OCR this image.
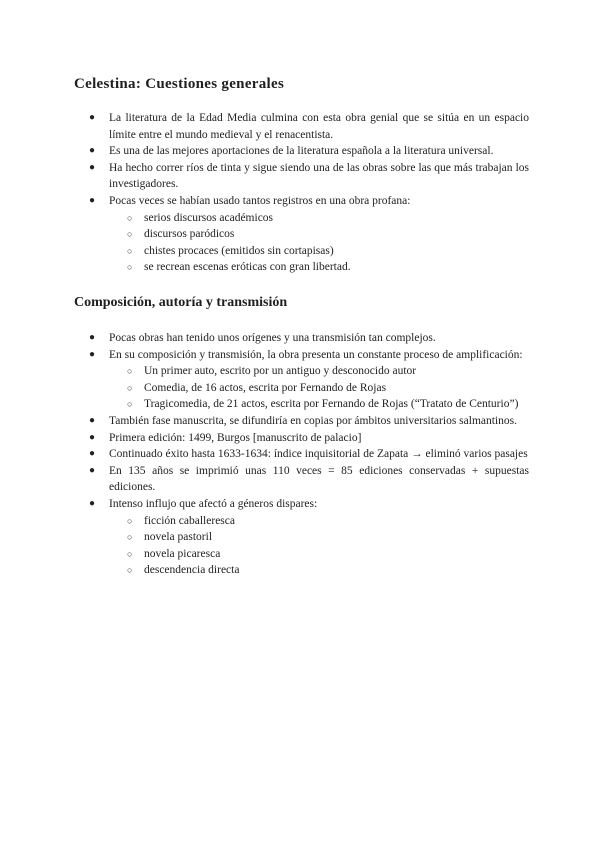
Celestina: Cuestiones generales
● La literatura de la Edad Media culmina con esta obra genial que se sitúa en un espacio límite entre el mundo medieval y el renacentista.
● Es una de las mejores aportaciones de la literatura española a la literatura universal.
● Ha hecho correr ríos de tinta y sigue siendo una de las obras sobre las que más trabajan los investigadores.
● Pocas veces se habían usado tantos registros en una obra profana:
○ serios discursos académicos
○ discursos paródicos
○ chistes procaces (emitidos sin cortapisas)
○ se recrean escenas eróticas con gran libertad.
Composición, autoría y transmisión
● Pocas obras han tenido unos orígenes y una transmisión tan complejos.
● En su composición y transmisión, la obra presenta un constante proceso de amplificación:
○ Un primer auto, escrito por un antiguo y desconocido autor
○ Comedia, de 16 actos, escrita por Fernando de Rojas
○ Tragicomedia, de 21 actos, escrita por Fernando de Rojas (“Tratato de Centurio”)
● También fase manuscrita, se difundiría en copias por ámbitos universitarios salmantinos.
● Primera edición: 1499, Burgos [manuscrito de palacio]
● Continuado éxito hasta 1633-1634: índice inquisitorial de Zapata → eliminó varios pasajes
● En 135 años se imprimió unas 110 veces = 85 ediciones conservadas + supuestas ediciones.
● Intenso influjo que afectó a géneros dispares:
○ ficción caballeresca
○ novela pastoril
○ novela picaresca
○ descendencia directa
